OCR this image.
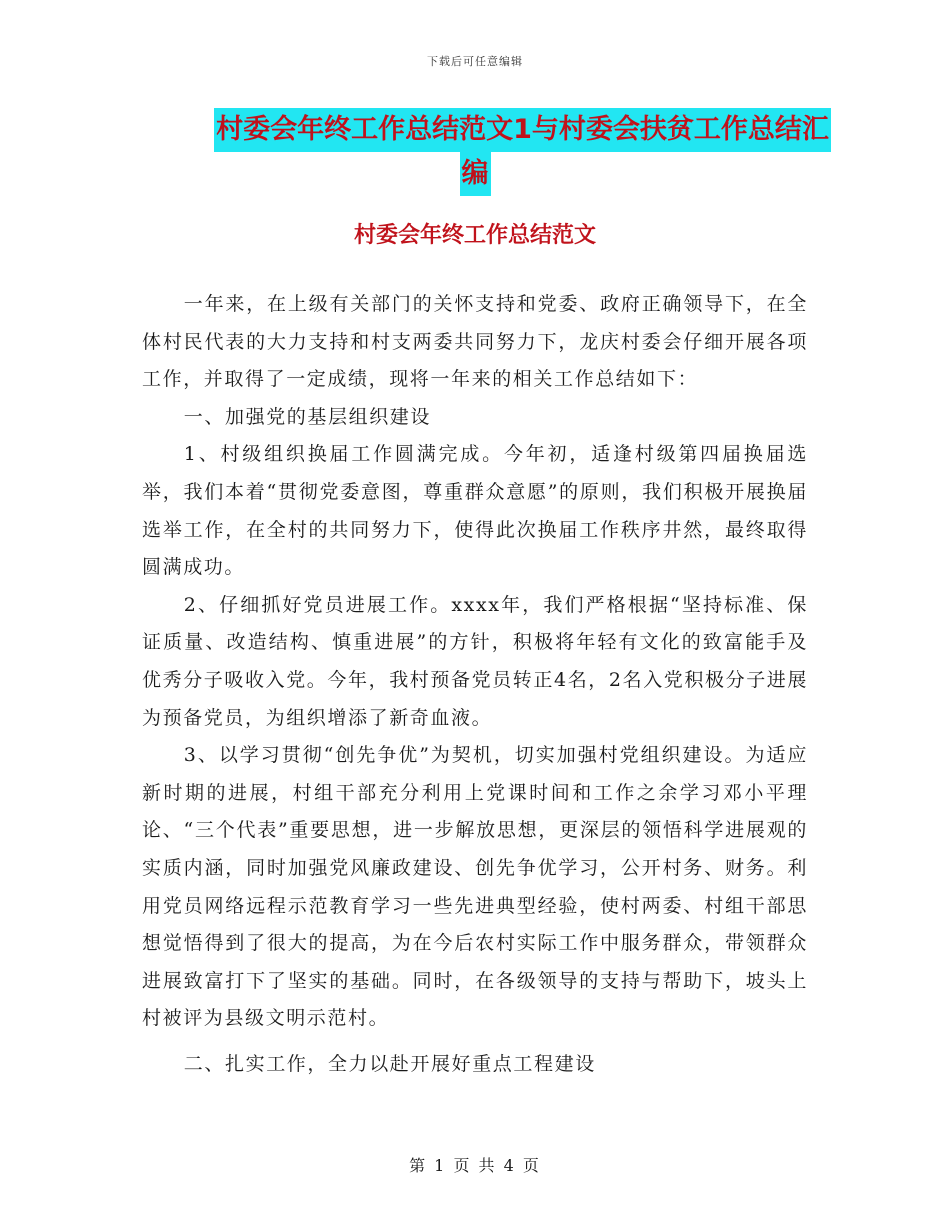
下载后可任意编辑
村委会年终工作总结范文1与村委会扶贫工作总结汇
编
村委会年终工作总结范文

一年来，在上级有关部门的关怀支持和党委、政府正确领导下，在全体村民代表的大力支持和村支两委共同努力下，龙庆村委会仔细开展各项工作，并取得了一定成绩，现将一年来的相关工作总结如下：

一、加强党的基层组织建设

1、村级组织换届工作圆满完成。今年初，适逢村级第四届换届选举，我们本着“贯彻党委意图，尊重群众意愿”的原则，我们积极开展换届选举工作，在全村的共同努力下，使得此次换届工作秩序井然，最终取得圆满成功。

2、仔细抓好党员进展工作。xxxx年，我们严格根据“坚持标准、保证质量、改造结构、慎重进展”的方针，积极将年轻有文化的致富能手及优秀分子吸收入党。今年，我村预备党员转正4名，2名入党积极分子进展为预备党员，为组织增添了新奇血液。

3、以学习贯彻“创先争优”为契机，切实加强村党组织建设。为适应新时期的进展，村组干部充分利用上党课时间和工作之余学习邓小平理论、“三个代表”重要思想，进一步解放思想，更深层的领悟科学进展观的实质内涵，同时加强党风廉政建设、创先争优学习，公开村务、财务。利用党员网络远程示范教育学习一些先进典型经验，使村两委、村组干部思想觉悟得到了很大的提高，为在今后农村实际工作中服务群众，带领群众进展致富打下了坚实的基础。同时，在各级领导的支持与帮助下，坡头上村被评为县级文明示范村。

二、扎实工作，全力以赴开展好重点工程建设

第 1 页 共 4 页
